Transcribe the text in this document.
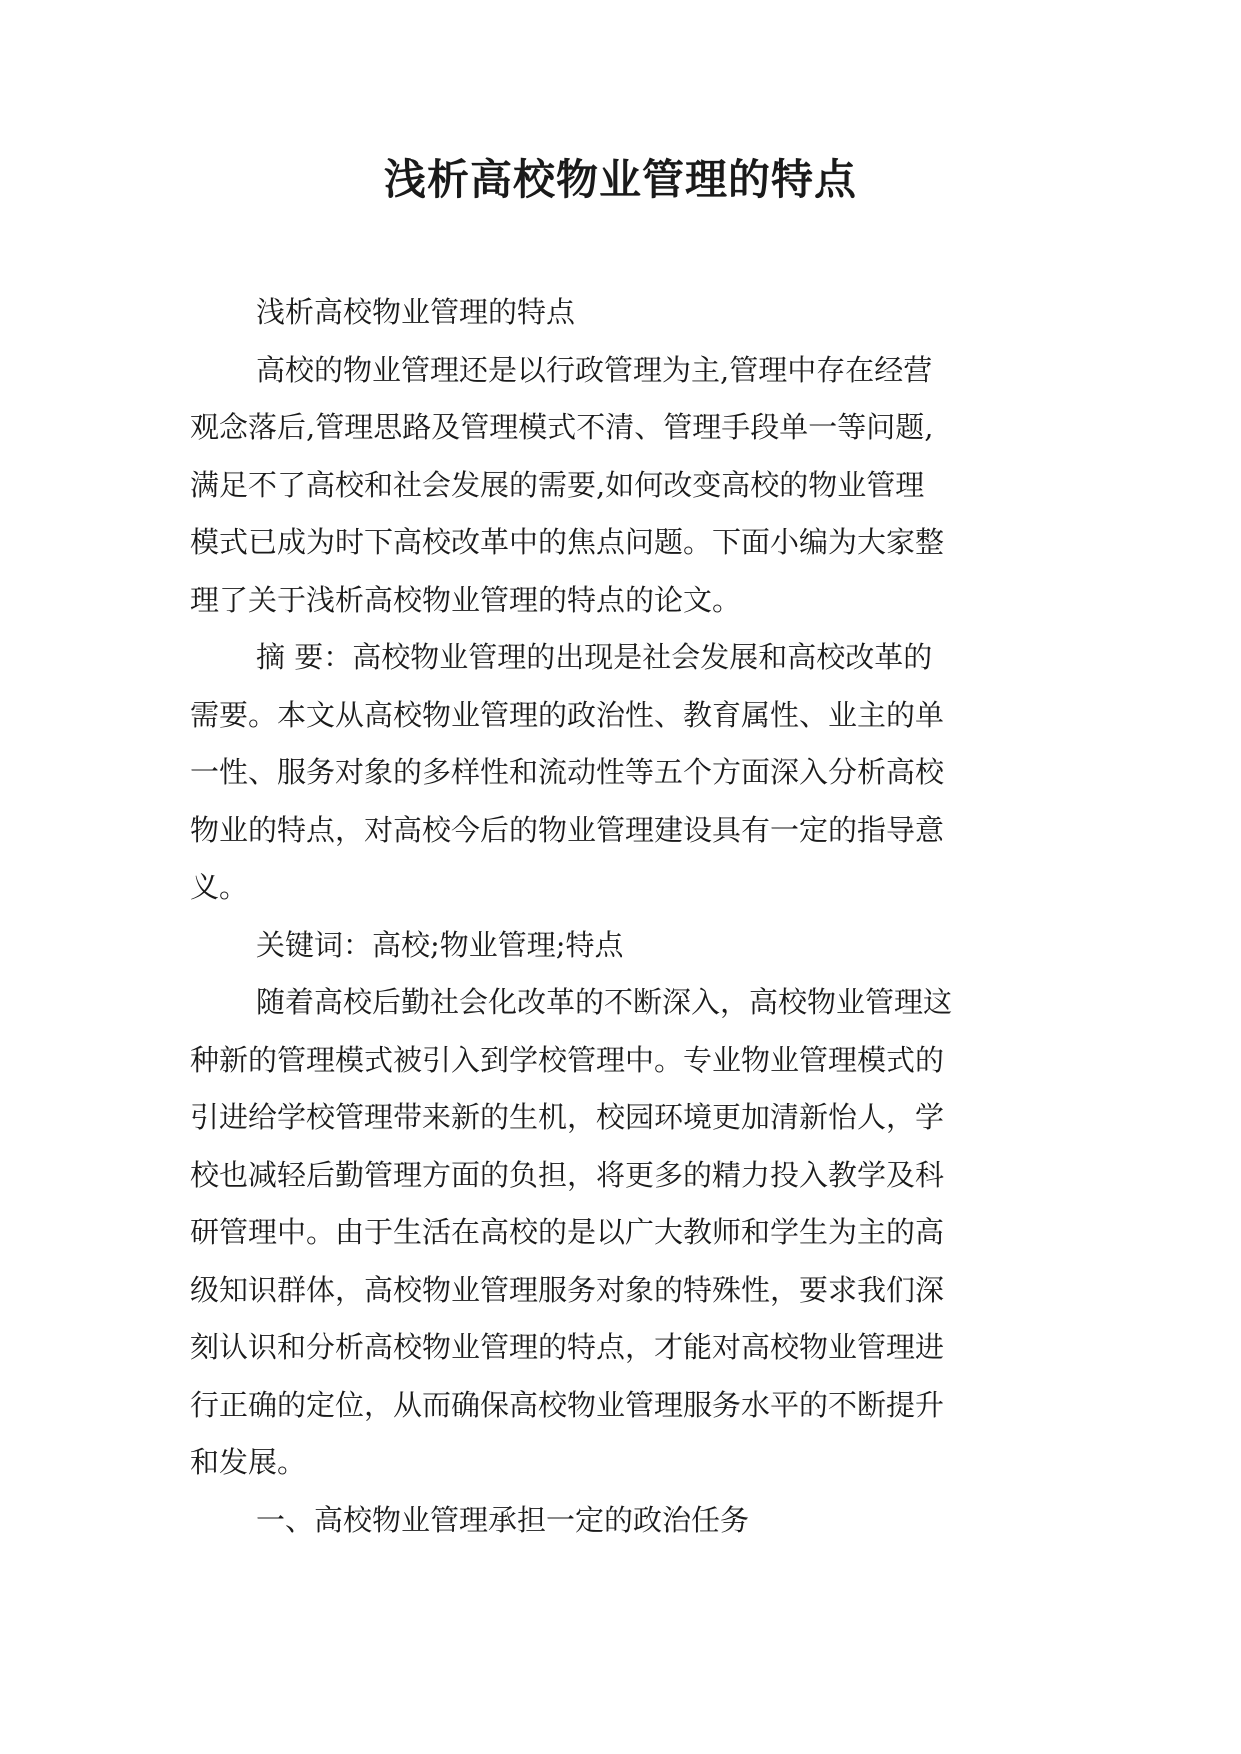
浅析高校物业管理的特点
浅析高校物业管理的特点
高校的物业管理还是以行政管理为主,管理中存在经营
观念落后,管理思路及管理模式不清、管理手段单一等问题,
满足不了高校和社会发展的需要,如何改变高校的物业管理
模式已成为时下高校改革中的焦点问题。下面小编为大家整
理了关于浅析高校物业管理的特点的论文。
摘 要：高校物业管理的出现是社会发展和高校改革的
需要。本文从高校物业管理的政治性、教育属性、业主的单
一性、服务对象的多样性和流动性等五个方面深入分析高校
物业的特点，对高校今后的物业管理建设具有一定的指导意
义。
关键词：高校;物业管理;特点
随着高校后勤社会化改革的不断深入，高校物业管理这
种新的管理模式被引入到学校管理中。专业物业管理模式的
引进给学校管理带来新的生机，校园环境更加清新怡人，学
校也减轻后勤管理方面的负担，将更多的精力投入教学及科
研管理中。由于生活在高校的是以广大教师和学生为主的高
级知识群体，高校物业管理服务对象的特殊性，要求我们深
刻认识和分析高校物业管理的特点，才能对高校物业管理进
行正确的定位，从而确保高校物业管理服务水平的不断提升
和发展。
一、高校物业管理承担一定的政治任务
